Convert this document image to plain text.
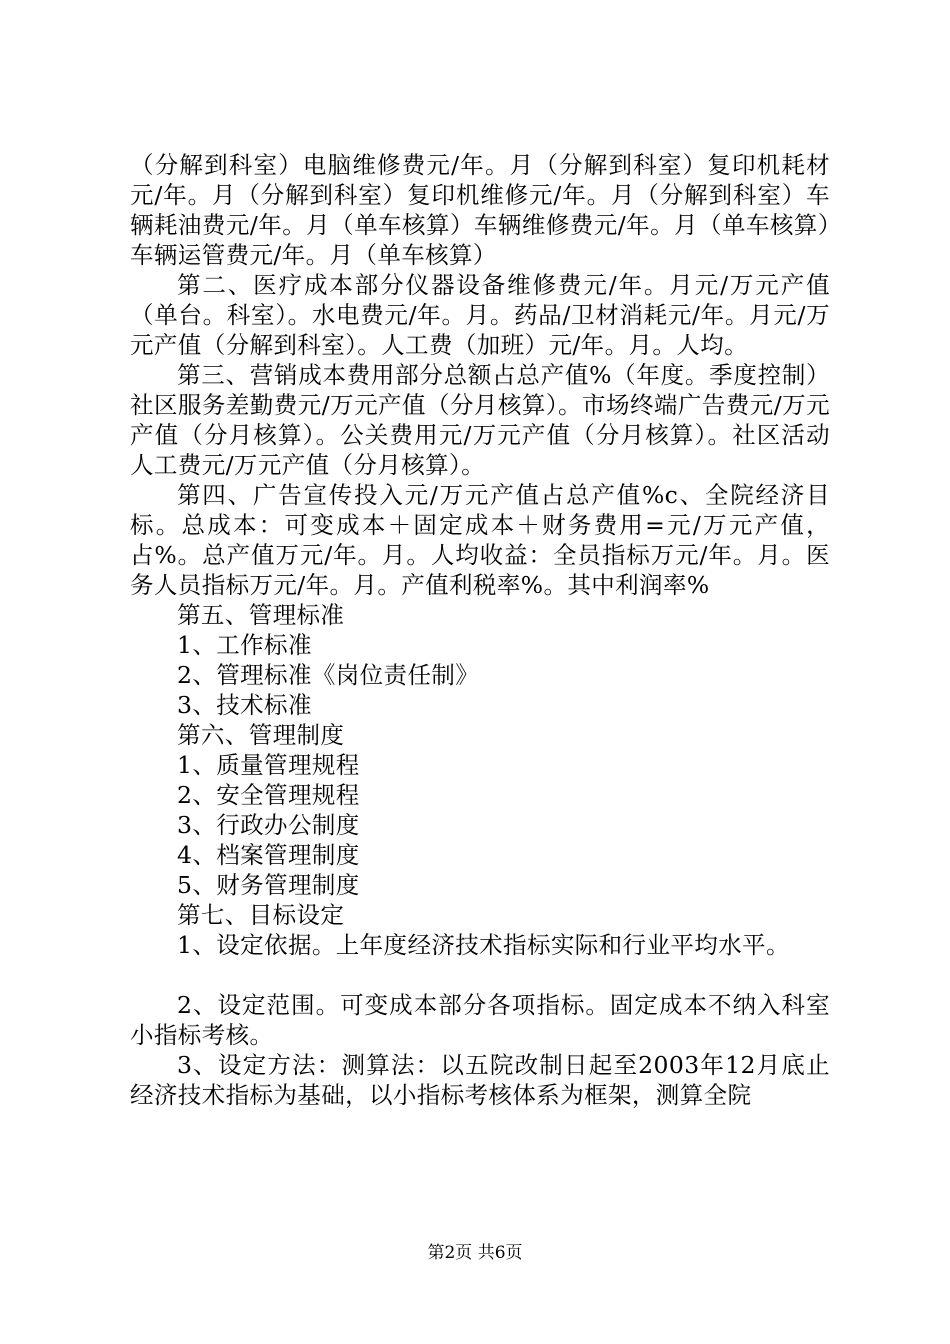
（分解到科室）电脑维修费元/年。月（分解到科室）复印机耗材元/年。月（分解到科室）复印机维修元/年。月（分解到科室）车辆耗油费元/年。月（单车核算）车辆维修费元/年。月（单车核算）车辆运管费元/年。月（单车核算）

第二、医疗成本部分仪器设备维修费元/年。月元/万元产值（单台。科室）。水电费元/年。月。药品/卫材消耗元/年。月元/万元产值（分解到科室）。人工费（加班）元/年。月。人均。

第三、营销成本费用部分总额占总产值%（年度。季度控制）社区服务差勤费元/万元产值（分月核算）。市场终端广告费元/万元产值（分月核算）。公关费用元/万元产值（分月核算）。社区活动人工费元/万元产值（分月核算）。

第四、广告宣传投入元/万元产值占总产值%c、全院经济目标。总成本：可变成本＋固定成本＋财务费用=元/万元产值，占%。总产值万元/年。月。人均收益：全员指标万元/年。月。医务人员指标万元/年。月。产值利税率%。其中利润率%

第五、管理标准

1、工作标准

2、管理标准《岗位责任制》

3、技术标准

第六、管理制度

1、质量管理规程

2、安全管理规程

3、行政办公制度

4、档案管理制度

5、财务管理制度

第七、目标设定

1、设定依据。上年度经济技术指标实际和行业平均水平。

2、设定范围。可变成本部分各项指标。固定成本不纳入科室小指标考核。

3、设定方法：测算法：以五院改制日起至2003年12月底止经济技术指标为基础，以小指标考核体系为框架，测算全院

第2页 共6页
